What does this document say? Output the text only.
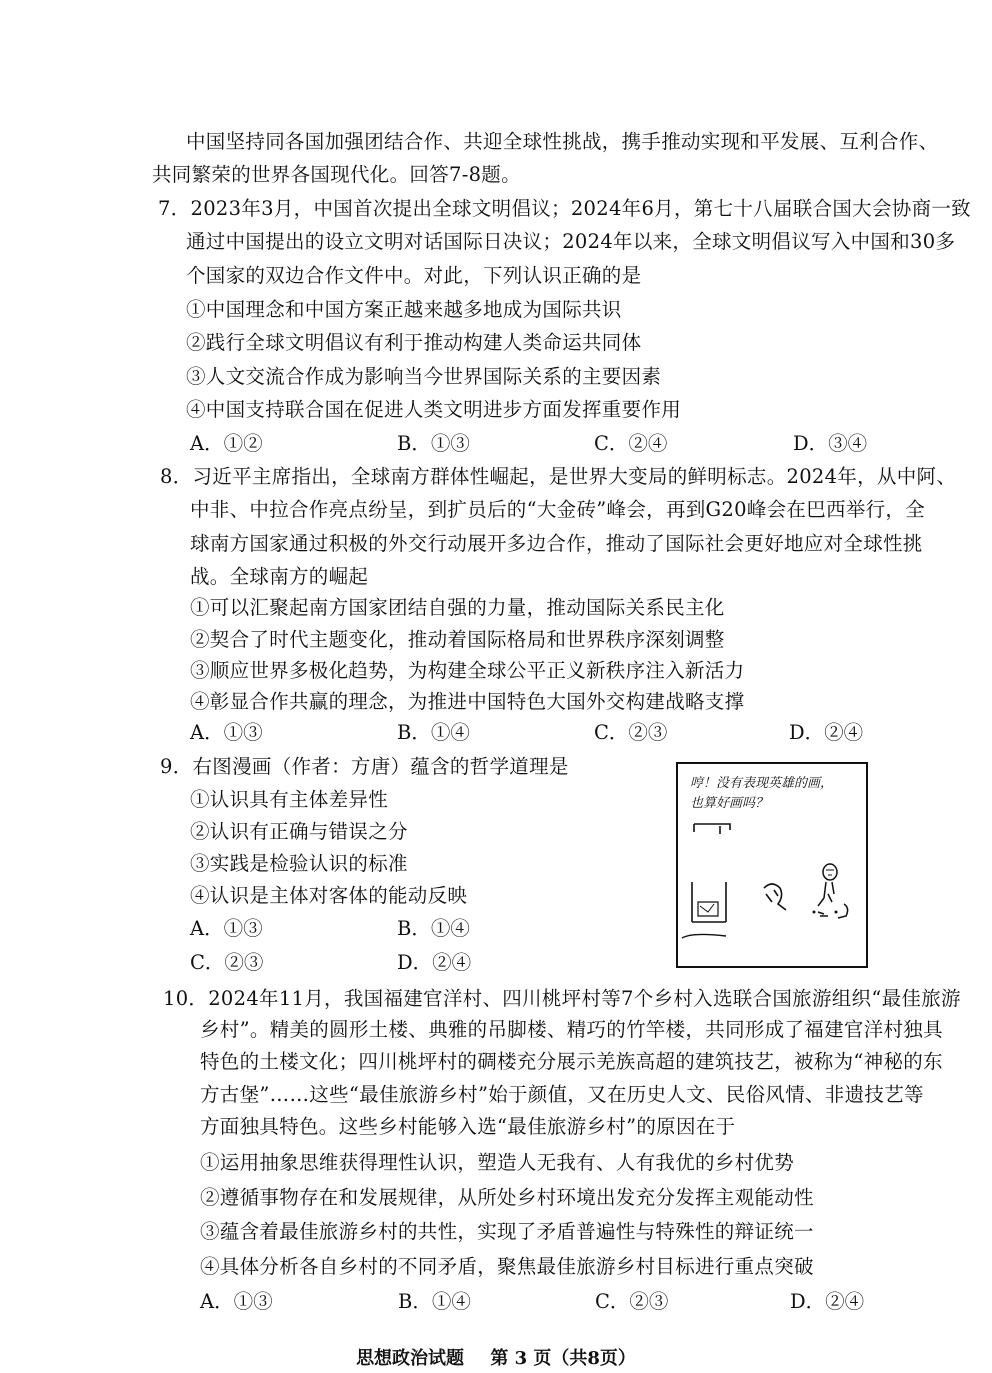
中国坚持同各国加强团结合作、共迎全球性挑战，携手推动实现和平发展、互利合作、
共同繁荣的世界各国现代化。回答7-8题。
7．2023年3月，中国首次提出全球文明倡议；2024年6月，第七十八届联合国大会协商一致
通过中国提出的设立文明对话国际日决议；2024年以来，全球文明倡议写入中国和30多
个国家的双边合作文件中。对此，下列认识正确的是
①中国理念和中国方案正越来越多地成为国际共识
②践行全球文明倡议有利于推动构建人类命运共同体
③人文交流合作成为影响当今世界国际关系的主要因素
④中国支持联合国在促进人类文明进步方面发挥重要作用
A．①②	B．①③	C．②④	D．③④
8．习近平主席指出，全球南方群体性崛起，是世界大变局的鲜明标志。2024年，从中阿、
中非、中拉合作亮点纷呈，到扩员后的“大金砖”峰会，再到G20峰会在巴西举行，全
球南方国家通过积极的外交行动展开多边合作，推动了国际社会更好地应对全球性挑
战。全球南方的崛起
①可以汇聚起南方国家团结自强的力量，推动国际关系民主化
②契合了时代主题变化，推动着国际格局和世界秩序深刻调整
③顺应世界多极化趋势，为构建全球公平正义新秩序注入新活力
④彰显合作共赢的理念，为推进中国特色大国外交构建战略支撑
A．①③	B．①④	C．②③	D．②④
9．右图漫画（作者：方唐）蕴含的哲学道理是
①认识具有主体差异性
②认识有正确与错误之分
③实践是检验认识的标准
④认识是主体对客体的能动反映
A．①③	B．①④
C．②③	D．②④
哼！没有表现英雄的画，
也算好画吗？
10．2024年11月，我国福建官洋村、四川桃坪村等7个乡村入选联合国旅游组织“最佳旅游
乡村”。精美的圆形土楼、典雅的吊脚楼、精巧的竹竿楼，共同形成了福建官洋村独具
特色的土楼文化；四川桃坪村的碉楼充分展示羌族高超的建筑技艺，被称为“神秘的东
方古堡”……这些“最佳旅游乡村”始于颜值，又在历史人文、民俗风情、非遗技艺等
方面独具特色。这些乡村能够入选“最佳旅游乡村”的原因在于
①运用抽象思维获得理性认识，塑造人无我有、人有我优的乡村优势
②遵循事物存在和发展规律，从所处乡村环境出发充分发挥主观能动性
③蕴含着最佳旅游乡村的共性，实现了矛盾普遍性与特殊性的辩证统一
④具体分析各自乡村的不同矛盾，聚焦最佳旅游乡村目标进行重点突破
A．①③	B．①④	C．②③	D．②④
思想政治试题 第 3 页（共8页）
